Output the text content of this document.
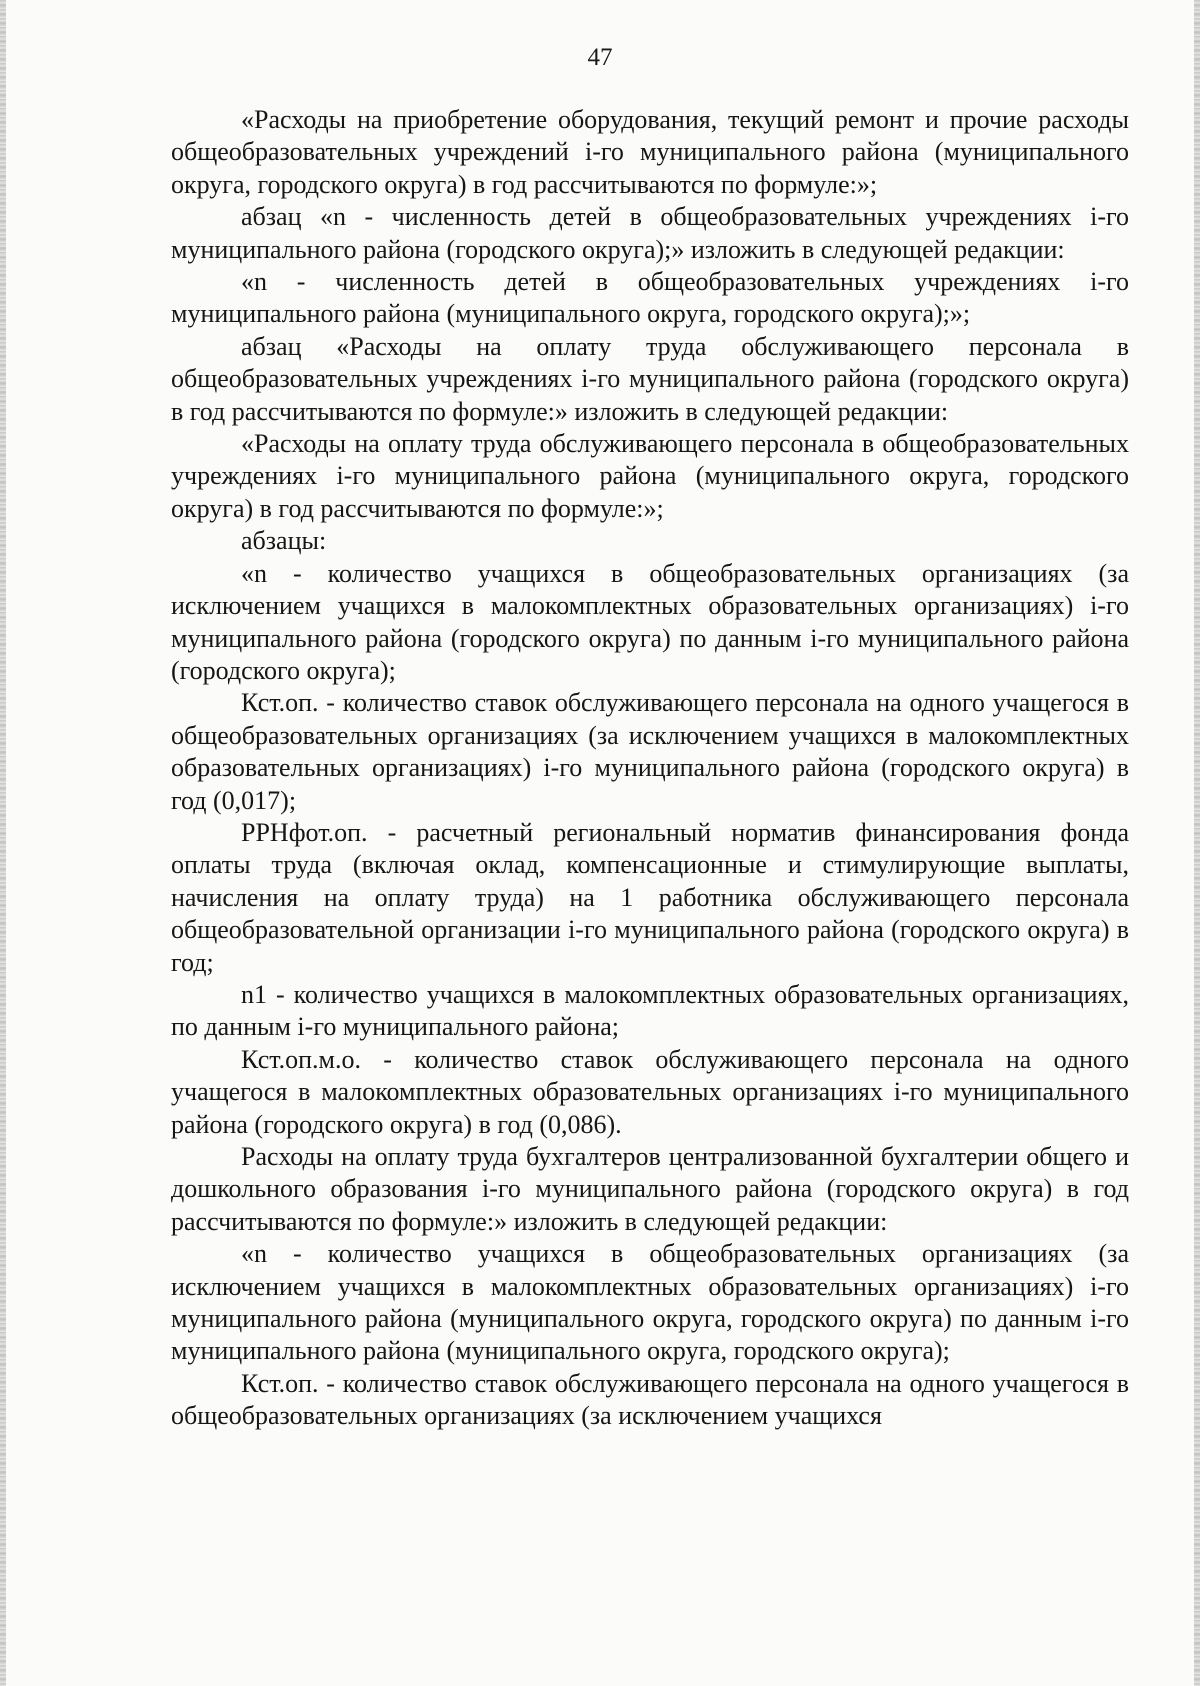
47

«Расходы на приобретение оборудования, текущий ремонт и прочие расходы общеобразовательных учреждений i-го муниципального района (муниципального округа, городского округа) в год рассчитываются по формуле:»;

абзац «n - численность детей в общеобразовательных учреждениях i-го муниципального района (городского округа);» изложить в следующей редакции:

«n - численность детей в общеобразовательных учреждениях i-го муниципального района (муниципального округа, городского округа);»;

абзац «Расходы на оплату труда обслуживающего персонала в общеобразовательных учреждениях i-го муниципального района (городского округа) в год рассчитываются по формуле:» изложить в следующей редакции:

«Расходы на оплату труда обслуживающего персонала в общеобразовательных учреждениях i-го муниципального района (муниципального округа, городского округа) в год рассчитываются по формуле:»;

абзацы:

«n - количество учащихся в общеобразовательных организациях (за исключением учащихся в малокомплектных образовательных организациях) i-го муниципального района (городского округа) по данным i-го муниципального района (городского округа);

Кст.оп. - количество ставок обслуживающего персонала на одного учащегося в общеобразовательных организациях (за исключением учащихся в малокомплектных образовательных организациях) i-го муниципального района (городского округа) в год (0,017);

РРНфот.оп. - расчетный региональный норматив финансирования фонда оплаты труда (включая оклад, компенсационные и стимулирующие выплаты, начисления на оплату труда) на 1 работника обслуживающего персонала общеобразовательной организации i-го муниципального района (городского округа) в год;

n1 - количество учащихся в малокомплектных образовательных организациях, по данным i-го муниципального района;

Кст.оп.м.о. - количество ставок обслуживающего персонала на одного учащегося в малокомплектных образовательных организациях i-го муниципального района (городского округа) в год (0,086).

Расходы на оплату труда бухгалтеров централизованной бухгалтерии общего и дошкольного образования i-го муниципального района (городского округа) в год рассчитываются по формуле:» изложить в следующей редакции:

«n - количество учащихся в общеобразовательных организациях (за исключением учащихся в малокомплектных образовательных организациях) i-го муниципального района (муниципального округа, городского округа) по данным i-го муниципального района (муниципального округа, городского округа);

Кст.оп. - количество ставок обслуживающего персонала на одного учащегося в общеобразовательных организациях (за исключением учащихся
